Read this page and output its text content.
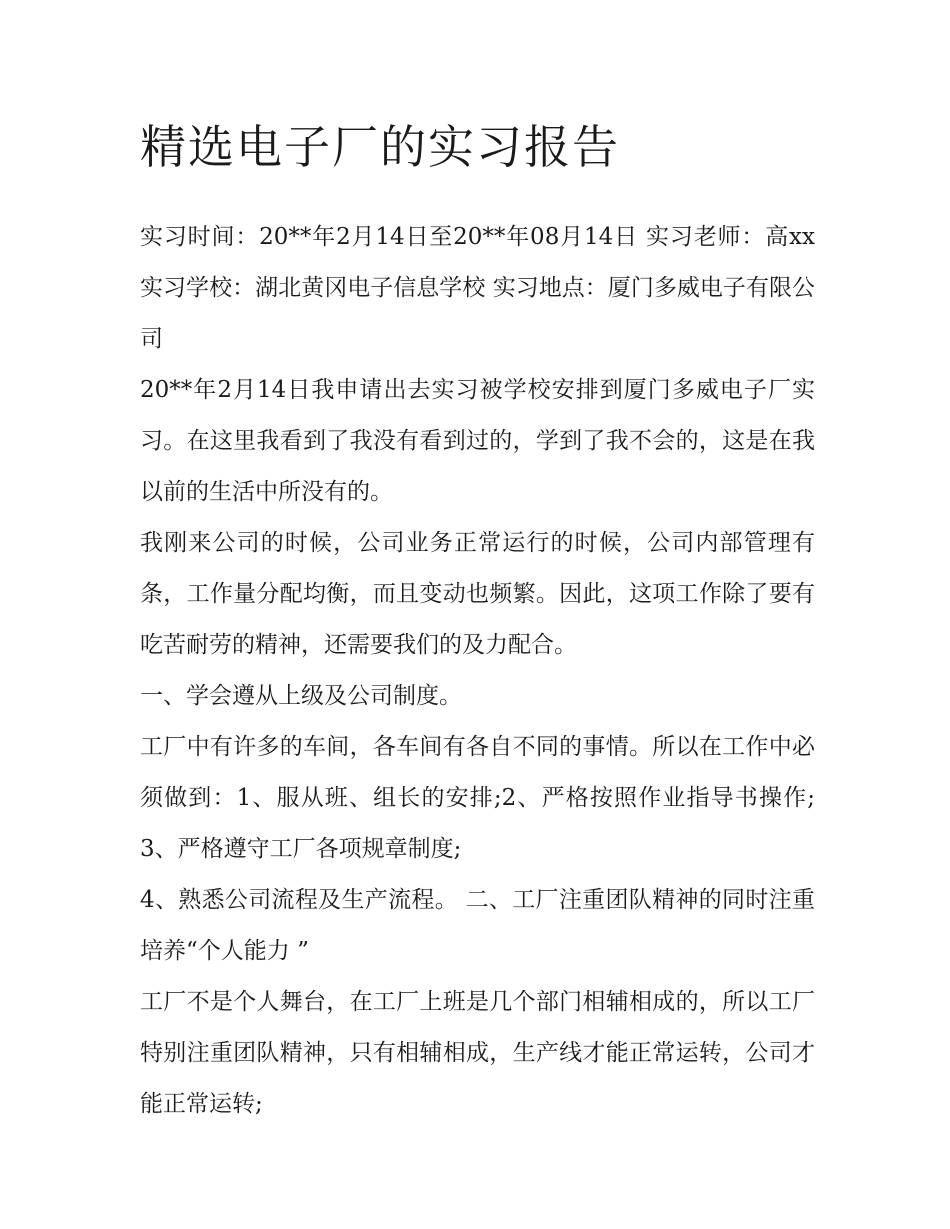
精选电子厂的实习报告

实习时间：20**年2月14日至20**年08月14日 实习老师：高xx 实习学校：湖北黄冈电子信息学校 实习地点：厦门多威电子有限公司

20**年2月14日我申请出去实习被学校安排到厦门多威电子厂实习。在这里我看到了我没有看到过的，学到了我不会的，这是在我以前的生活中所没有的。

我刚来公司的时候，公司业务正常运行的时候，公司内部管理有条，工作量分配均衡，而且变动也频繁。因此，这项工作除了要有吃苦耐劳的精神，还需要我们的及力配合。

一、学会遵从上级及公司制度。

工厂中有许多的车间，各车间有各自不同的事情。所以在工作中必须做到：1、服从班、组长的安排;2、严格按照作业指导书操作;3、严格遵守工厂各项规章制度;

4、熟悉公司流程及生产流程。 二、工厂注重团队精神的同时注重培养“个人能力 ”

工厂不是个人舞台，在工厂上班是几个部门相辅相成的，所以工厂特别注重团队精神，只有相辅相成，生产线才能正常运转，公司才能正常运转;
